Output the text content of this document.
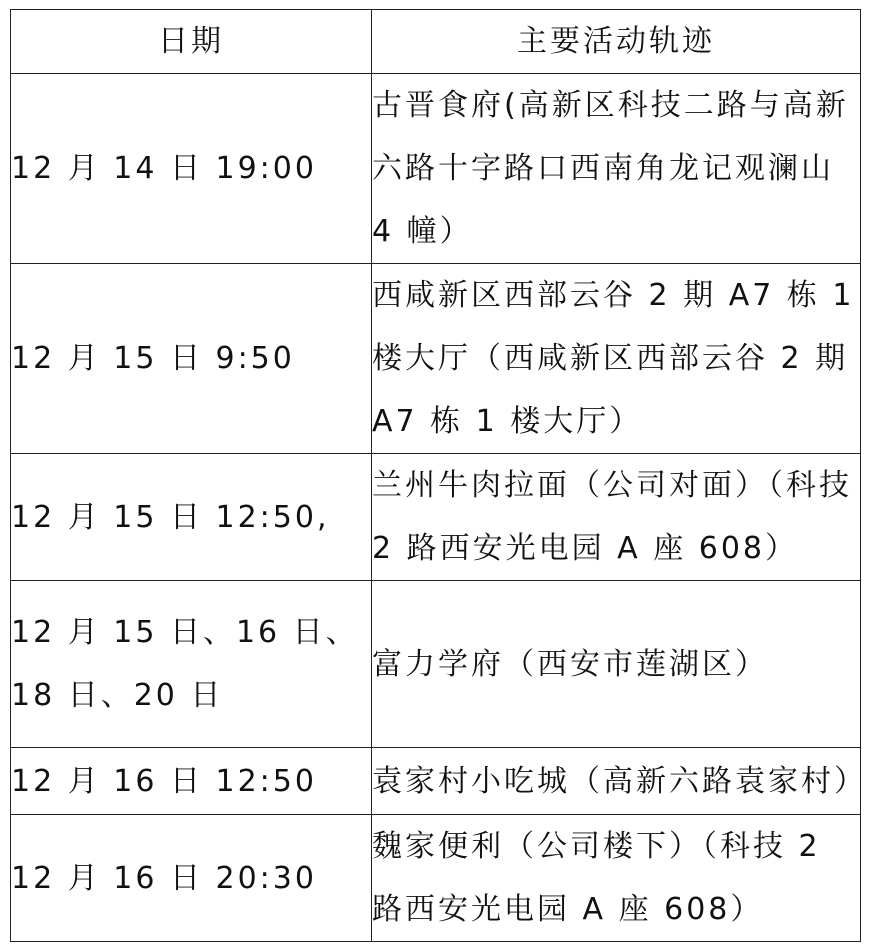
日期	主要活动轨迹
12 月 14 日 19:00	古晋食府(高新区科技二路与高新六路十字路口西南角龙记观澜山 4 幢）
12 月 15 日 9:50	西咸新区西部云谷 2 期 A7 栋 1 楼大厅（西咸新区西部云谷 2 期 A7 栋 1 楼大厅）
12 月 15 日 12:50,	兰州牛肉拉面（公司对面）（科技 2 路西安光电园 A 座 608）
12 月 15 日、16 日、18 日、20 日	富力学府（西安市莲湖区）
12 月 16 日 12:50	袁家村小吃城（高新六路袁家村）
12 月 16 日 20:30	魏家便利（公司楼下）（科技 2 路西安光电园 A 座 608）
